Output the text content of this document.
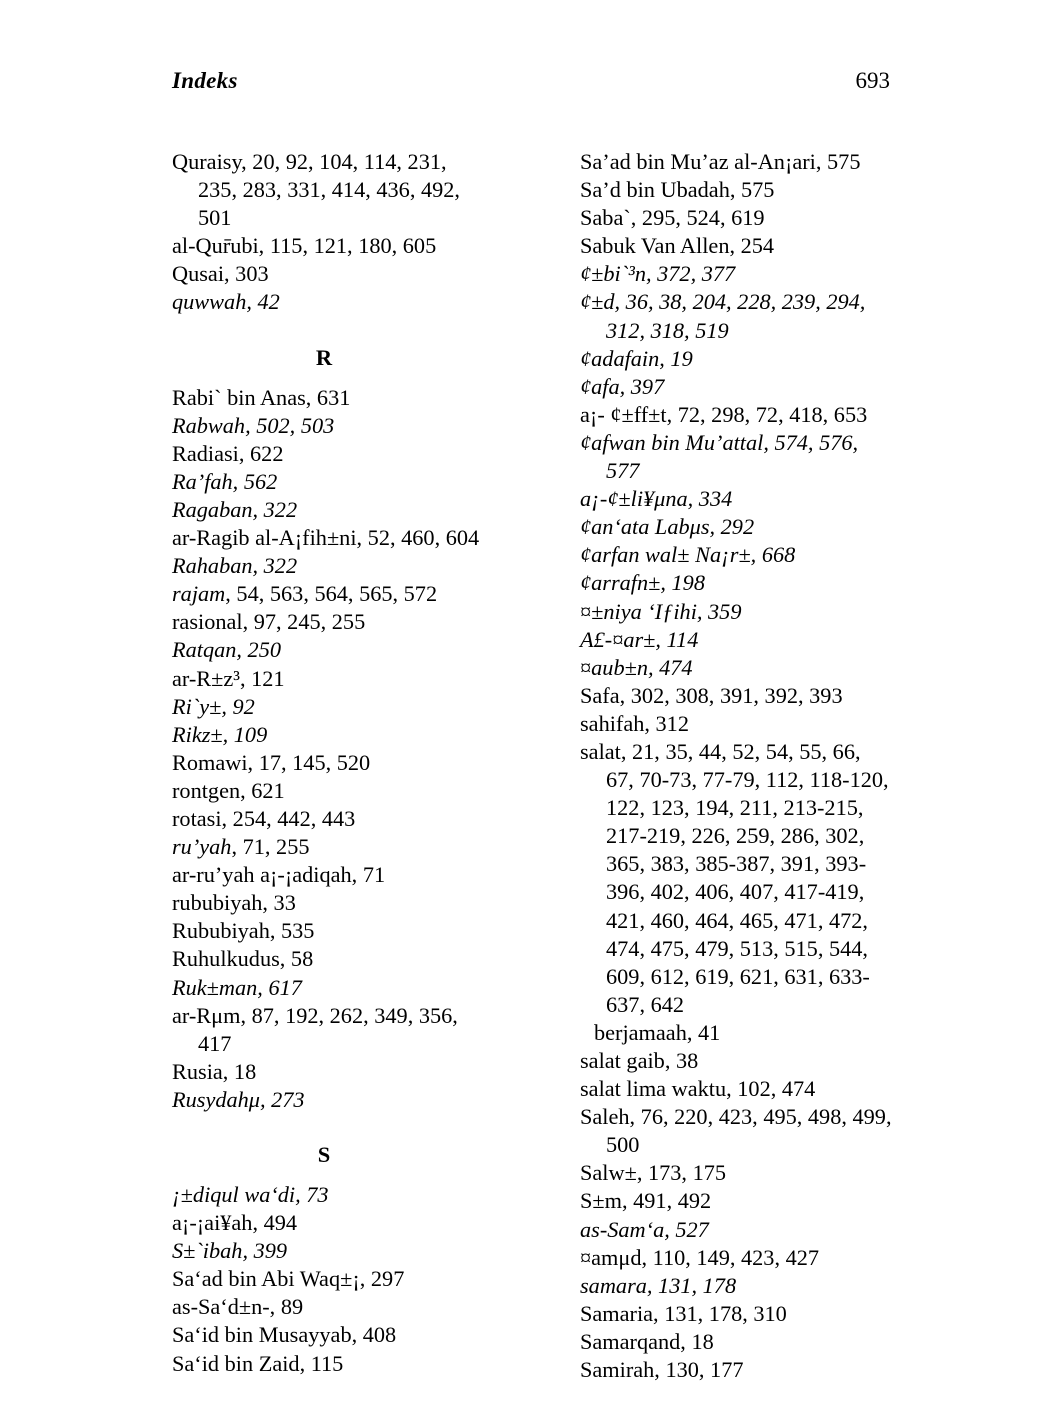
Indeks	693
Quraisy, 20, 92, 104, 114, 231, 235, 283, 331, 414, 436, 492, 501
al-Qur̄ubi, 115, 121, 180, 605
Qusai, 303
quwwah, 42
R
Rabi` bin Anas, 631
Rabwah, 502, 503
Radiasi, 622
Ra’fah, 562
Ragaban, 322
ar-Ragib al-A¡fih±ni, 52, 460, 604
Rahaban, 322
rajam, 54, 563, 564, 565, 572
rasional, 97, 245, 255
Ratqan, 250
ar-R±z³, 121
Ri`y±, 92
Rikz±, 109
Romawi, 17, 145, 520
rontgen, 621
rotasi, 254, 442, 443
ru’yah, 71, 255
ar-ru’yah a¡-¡adiqah, 71
rububiyah, 33
Rububiyah, 535
Ruhulkudus, 58
Ruk±man, 617
ar-Rμm, 87, 192, 262, 349, 356, 417
Rusia, 18
Rusydahμ, 273
S
¡±diqul wa‘di, 73
a¡-¡ai¥ah, 494
S±`ibah, 399
Sa‘ad bin Abi Waq±¡, 297
as-Sa‘d±n-, 89
Sa‘id bin Musayyab, 408
Sa‘id bin Zaid, 115
Sa’ad bin Mu’az al-An¡ari, 575
Sa’d bin Ubadah, 575
Saba`, 295, 524, 619
Sabuk Van Allen, 254
¢±bi`³n, 372, 377
¢±d, 36, 38, 204, 228, 239, 294, 312, 318, 519
¢adafain, 19
¢afa, 397
a¡- ¢±ff±t, 72, 298, 72, 418, 653
¢afwan bin Mu’attal, 574, 576, 577
a¡-¢±li¥μna, 334
¢an‘ata Labμs, 292
¢arfan wal± Na¡r±, 668
¢arrafn±, 198
¤±niya ‘Iƒihi, 359
A£-¤ar±, 114
¤aub±n, 474
Safa, 302, 308, 391, 392, 393
sahifah, 312
salat, 21, 35, 44, 52, 54, 55, 66, 67, 70-73, 77-79, 112, 118-120, 122, 123, 194, 211, 213-215, 217-219, 226, 259, 286, 302, 365, 383, 385-387, 391, 393-396, 402, 406, 407, 417-419, 421, 460, 464, 465, 471, 472, 474, 475, 479, 513, 515, 544, 609, 612, 619, 621, 631, 633-637, 642
berjamaah, 41
salat gaib, 38
salat lima waktu, 102, 474
Saleh, 76, 220, 423, 495, 498, 499, 500
Salw±, 173, 175
S±m, 491, 492
as-Sam‘a, 527
¤amμd, 110, 149, 423, 427
samara, 131, 178
Samaria, 131, 178, 310
Samarqand, 18
Samirah, 130, 177
